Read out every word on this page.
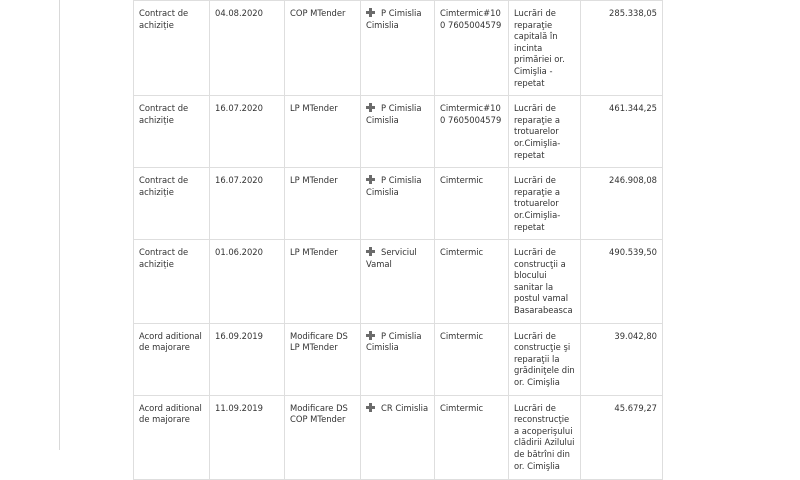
Contract de achiziție	04.08.2020	COP MTender	P Cimislia Cimislia	Cimtermic#100 7605004579	Lucrări de reparaţie capitală în incinta primăriei or. Cimişlia - repetat	285.338,05
Contract de achiziție	16.07.2020	LP MTender	P Cimislia Cimislia	Cimtermic#100 7605004579	Lucrări de reparaţie a trotuarelor or.Cimişlia-repetat	461.344,25
Contract de achiziție	16.07.2020	LP MTender	P Cimislia Cimislia	Cimtermic	Lucrări de reparaţie a trotuarelor or.Cimişlia-repetat	246.908,08
Contract de achiziție	01.06.2020	LP MTender	Serviciul Vamal	Cimtermic	Lucrări de construcţii a blocului sanitar la postul vamal Basarabeasca	490.539,50
Acord aditional de majorare	16.09.2019	Modificare DS LP MTender	P Cimislia Cimislia	Cimtermic	Lucrări de construcţie şi reparaţii la grădiniţele din or. Cimişlia	39.042,80
Acord aditional de majorare	11.09.2019	Modificare DS COP MTender	CR Cimislia	Cimtermic	Lucrări de reconstrucţie a acoperişului clădirii Azilului de bătrîni din or. Cimişlia	45.679,27
